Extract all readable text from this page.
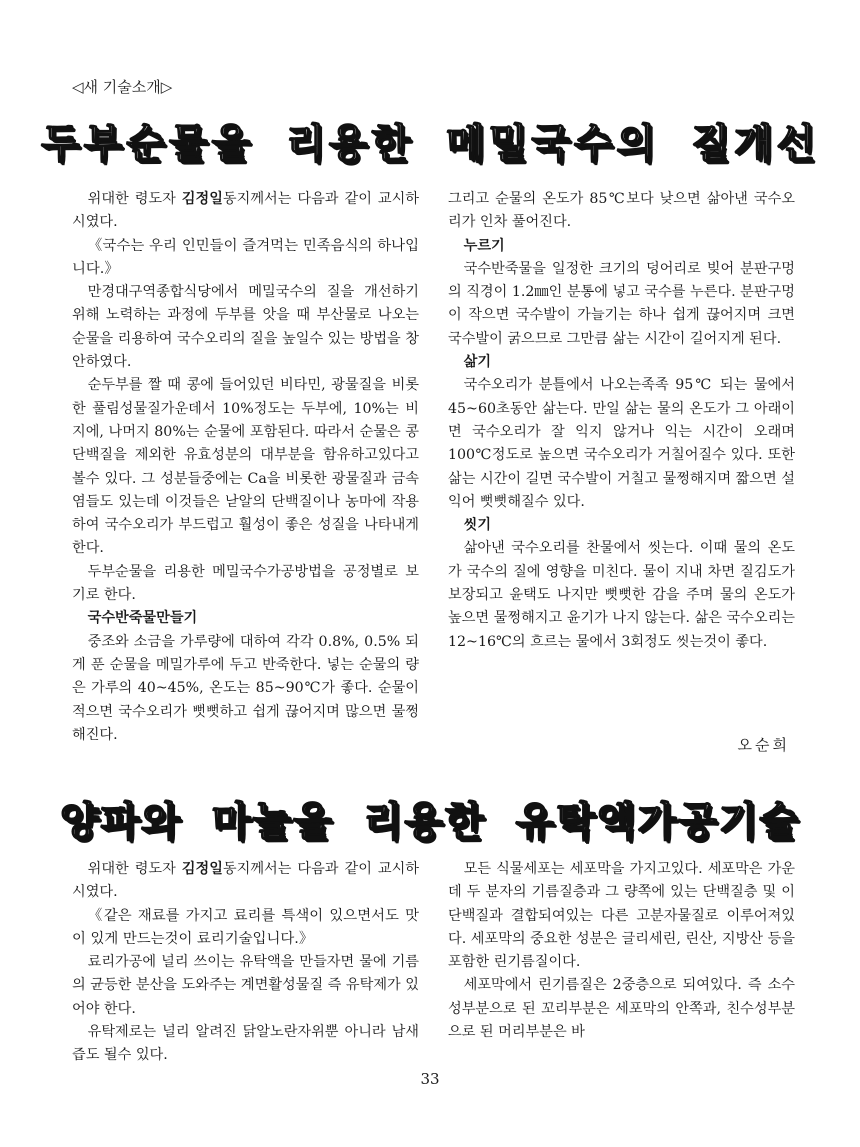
◁새 기술소개▷
두부순물을 리용한 메밀국수의 질개선

위대한 령도자 김정일동지께서는 다음과 같이 교시하시였다.

《국수는 우리 인민들이 즐겨먹는 민족음식의 하나입니다.》

만경대구역종합식당에서 메밀국수의 질을 개선하기 위해 노력하는 과정에 두부를 앗을 때 부산물로 나오는 순물을 리용하여 국수오리의 질을 높일수 있는 방법을 창안하였다.

순두부를 짤 때 콩에 들어있던 비타민, 광물질을 비롯한 풀림성물질가운데서 10%정도는 두부에, 10%는 비지에, 나머지 80%는 순물에 포함된다. 따라서 순물은 콩단백질을 제외한 유효성분의 대부분을 함유하고있다고 볼수 있다. 그 성분들중에는 Ca을 비롯한 광물질과 금속염들도 있는데 이것들은 낟알의 단백질이나 농마에 작용하여 국수오리가 부드럽고 훨성이 좋은 성질을 나타내게 한다.

두부순물을 리용한 메밀국수가공방법을 공정별로 보기로 한다.

국수반죽물만들기

중조와 소금을 가루량에 대하여 각각 0.8%, 0.5% 되게 푼 순물을 메밀가루에 두고 반죽한다. 넣는 순물의 량은 가루의 40~45%, 온도는 85~90℃가 좋다. 순물이 적으면 국수오리가 뻣뻣하고 쉽게 끊어지며 많으면 물쩡해진다.

그리고 순물의 온도가 85℃보다 낮으면 삶아낸 국수오리가 인차 풀어진다.

누르기

국수반죽물을 일정한 크기의 덩어리로 빚어 분판구멍의 직경이 1.2㎜인 분통에 넣고 국수를 누른다. 분판구멍이 작으면 국수발이 가늘기는 하나 쉽게 끊어지며 크면 국수발이 굵으므로 그만큼 삶는 시간이 길어지게 된다.

삶기

국수오리가 분틀에서 나오는족족 95℃ 되는 물에서 45~60초동안 삶는다. 만일 삶는 물의 온도가 그 아래이면 국수오리가 잘 익지 않거나 익는 시간이 오래며 100℃정도로 높으면 국수오리가 거칠어질수 있다. 또한 삶는 시간이 길면 국수발이 거칠고 물쩡해지며 짧으면 설익어 뻣뻣해질수 있다.

씻기

삶아낸 국수오리를 찬물에서 씻는다. 이때 물의 온도가 국수의 질에 영향을 미친다. 물이 지내 차면 질김도가 보장되고 윤택도 나지만 뻣뻣한 감을 주며 물의 온도가 높으면 물쩡해지고 윤기가 나지 않는다. 삶은 국수오리는 12~16℃의 흐르는 물에서 3회정도 씻는것이 좋다.

오순희
양파와 마늘을 리용한 유탁액가공기술

위대한 령도자 김정일동지께서는 다음과 같이 교시하시였다.

《같은 재료를 가지고 료리를 특색이 있으면서도 맛이 있게 만드는것이 료리기술입니다.》

료리가공에 널리 쓰이는 유탁액을 만들자면 물에 기름의 균등한 분산을 도와주는 계면활성물질 즉 유탁제가 있어야 한다.

유탁제로는 널리 알려진 닭알노란자위뿐 아니라 남새즙도 될수 있다.

모든 식물세포는 세포막을 가지고있다. 세포막은 가운데 두 분자의 기름질층과 그 량쪽에 있는 단백질층 및 이 단백질과 결합되여있는 다른 고분자물질로 이루어져있다. 세포막의 중요한 성분은 글리세린, 린산, 지방산 등을 포함한 린기름질이다.

세포막에서 린기름질은 2중층으로 되여있다. 즉 소수성부분으로 된 꼬리부분은 세포막의 안쪽과, 친수성부분으로 된 머리부분은 바

33
